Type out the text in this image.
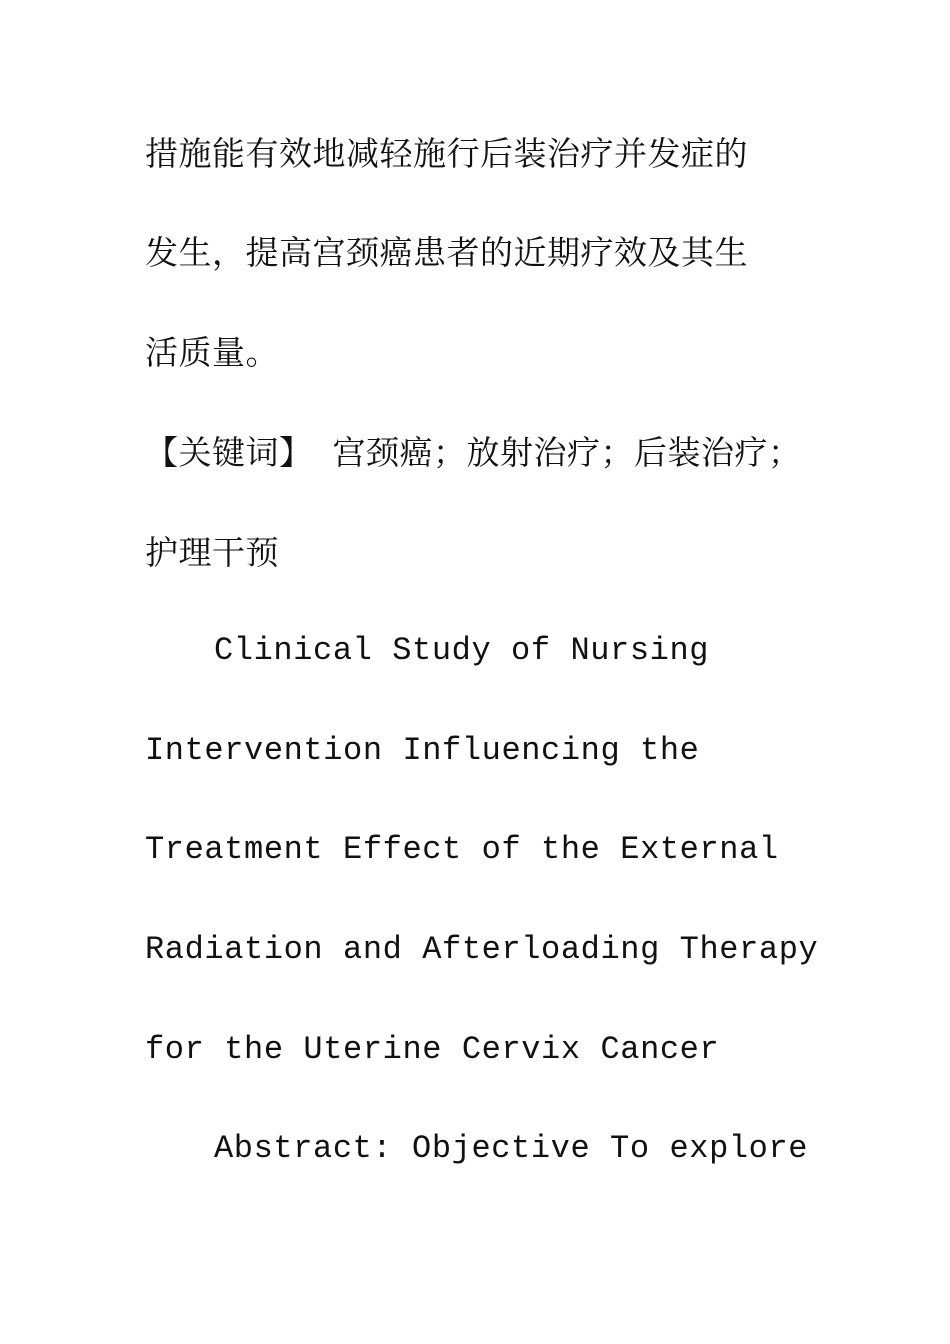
措施能有效地减轻施行后装治疗并发症的
发生，提高宫颈癌患者的近期疗效及其生
活质量。
【关键词】 宫颈癌；放射治疗；后装治疗；
护理干预
Clinical Study of Nursing
Intervention Influencing the
Treatment Effect of the External
Radiation and Afterloading Therapy
for the Uterine Cervix Cancer
Abstract: Objective To explore
